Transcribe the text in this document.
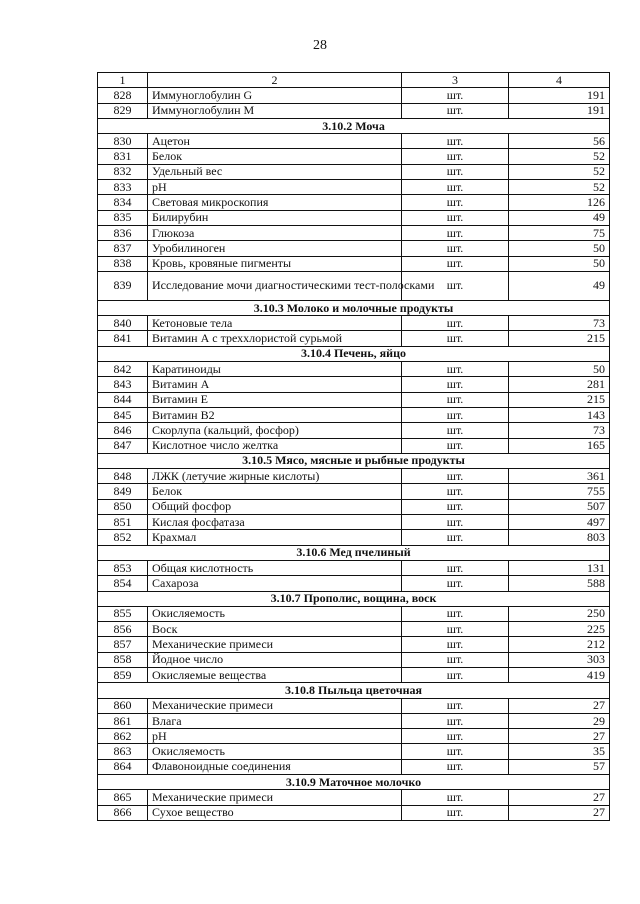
28
1	2	3	4
828	Иммуноглобулин G	шт.	191
829	Иммуноглобулин M	шт.	191
3.10.2 Моча			
830	Ацетон	шт.	56
831	Белок	шт.	52
832	Удельный вес	шт.	52
833	pH	шт.	52
834	Световая микроскопия	шт.	126
835	Билирубин	шт.	49
836	Глюкоза	шт.	75
837	Уробилиноген	шт.	50
838	Кровь, кровяные пигменты	шт.	50
839	Исследование мочи диагностическими тест-полосками	шт.	49
3.10.3 Молоко и молочные продукты			
840	Кетоновые тела	шт.	73
841	Витамин А с треххлористой сурьмой	шт.	215
3.10.4 Печень, яйцо			
842	Каратиноиды	шт.	50
843	Витамин А	шт.	281
844	Витамин Е	шт.	215
845	Витамин В2	шт.	143
846	Скорлупа (кальций, фосфор)	шт.	73
847	Кислотное число желтка	шт.	165
3.10.5 Мясо, мясные и рыбные продукты			
848	ЛЖК (летучие жирные кислоты)	шт.	361
849	Белок	шт.	755
850	Общий фосфор	шт.	507
851	Кислая фосфатаза	шт.	497
852	Крахмал	шт.	803
3.10.6 Мед пчелиный			
853	Общая кислотность	шт.	131
854	Сахароза	шт.	588
3.10.7 Прополис, вощина, воск			
855	Окисляемость	шт.	250
856	Воск	шт.	225
857	Механические примеси	шт.	212
858	Йодное число	шт.	303
859	Окисляемые вещества	шт.	419
3.10.8 Пыльца цветочная			
860	Механические примеси	шт.	27
861	Влага	шт.	29
862	pH	шт.	27
863	Окисляемость	шт.	35
864	Флавоноидные соединения	шт.	57
3.10.9 Маточное молочко			
865	Механические примеси	шт.	27
866	Сухое вещество	шт.	27
